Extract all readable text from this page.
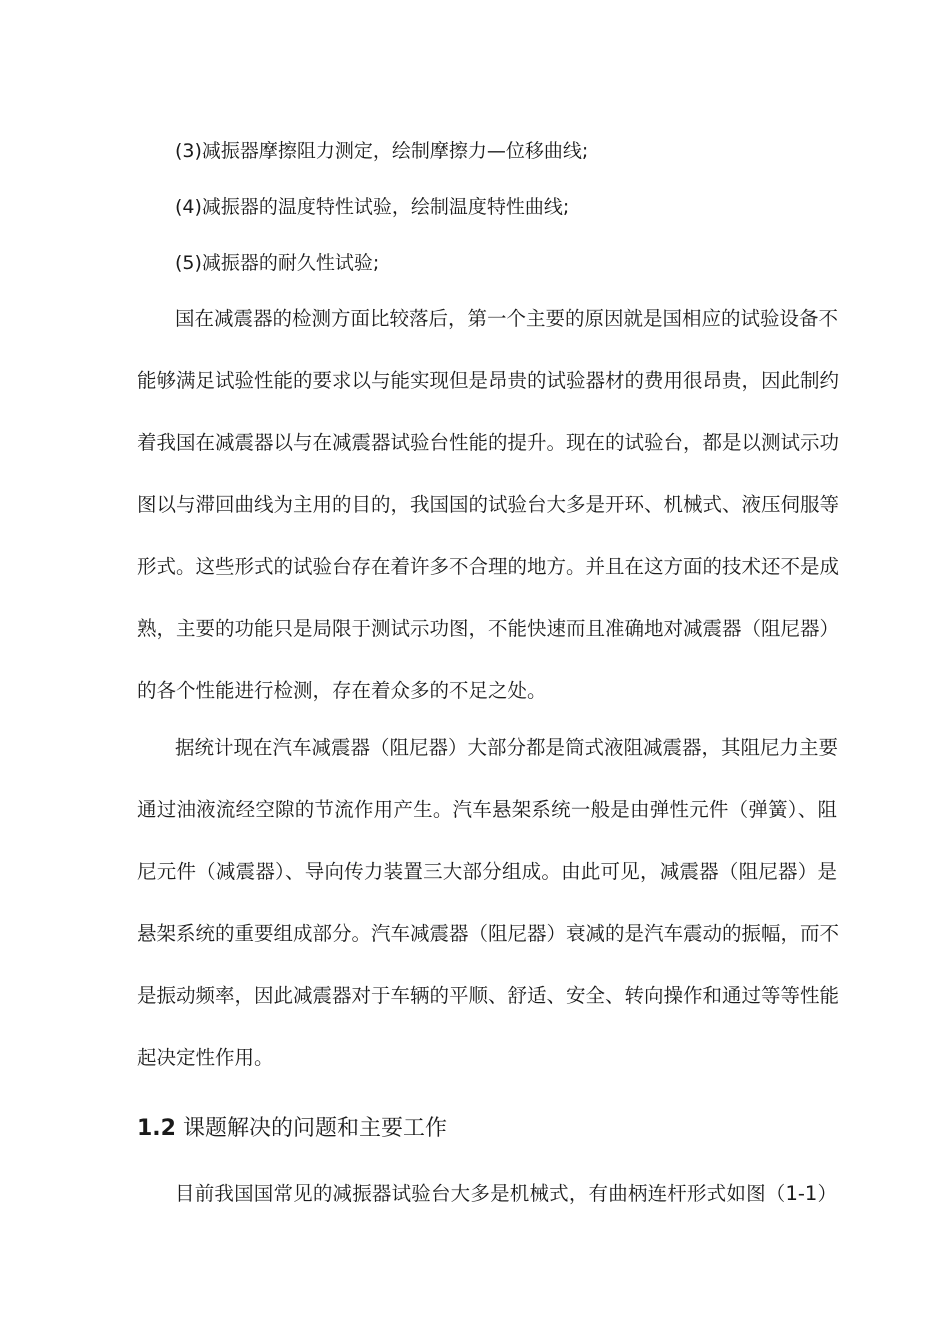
(3)减振器摩擦阻力测定，绘制摩擦力—位移曲线;
(4)减振器的温度特性试验，绘制温度特性曲线;
(5)减振器的耐久性试验;
国在减震器的检测方面比较落后，第一个主要的原因就是国相应的试验设备不
能够满足试验性能的要求以与能实现但是昂贵的试验器材的费用很昂贵，因此制约
着我国在减震器以与在减震器试验台性能的提升。现在的试验台，都是以测试示功
图以与滞回曲线为主用的目的，我国国的试验台大多是开环、机械式、液压伺服等
形式。这些形式的试验台存在着许多不合理的地方。并且在这方面的技术还不是成
熟，主要的功能只是局限于测试示功图，不能快速而且准确地对减震器（阻尼器）
的各个性能进行检测，存在着众多的不足之处。
据统计现在汽车减震器（阻尼器）大部分都是筒式液阻减震器，其阻尼力主要
通过油液流经空隙的节流作用产生。汽车悬架系统一般是由弹性元件（弹簧）、阻
尼元件（减震器）、导向传力装置三大部分组成。由此可见，减震器（阻尼器）是
悬架系统的重要组成部分。汽车减震器（阻尼器）衰减的是汽车震动的振幅，而不
是振动频率，因此减震器对于车辆的平顺、舒适、安全、转向操作和通过等等性能
起决定性作用。
1.2 课题解决的问题和主要工作
目前我国国常见的减振器试验台大多是机械式，有曲柄连杆形式如图（1-1）
